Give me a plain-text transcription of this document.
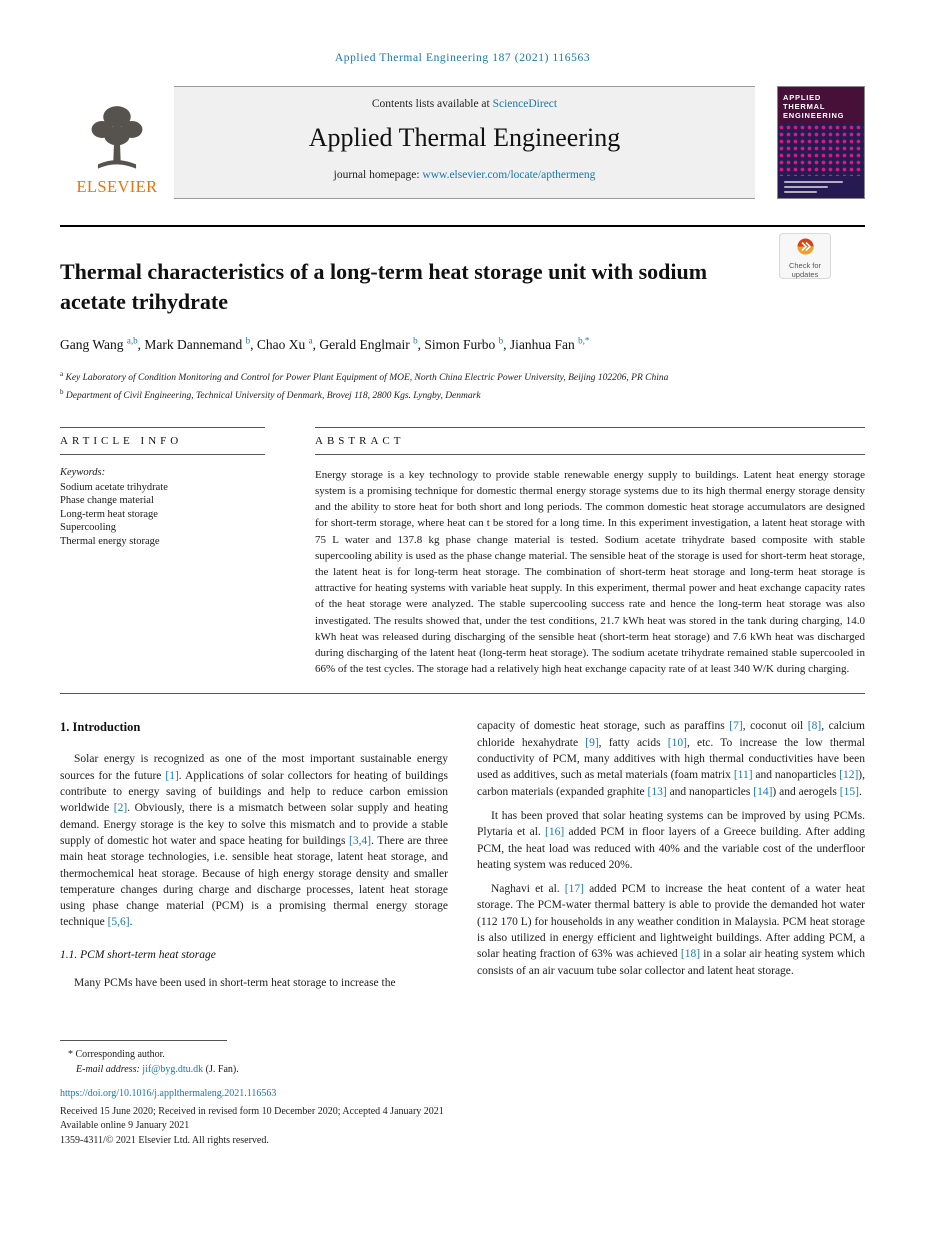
Applied Thermal Engineering 187 (2021) 116563
ELSEVIER
Contents lists available at ScienceDirect
Applied Thermal Engineering
journal homepage: www.elsevier.com/locate/apthermeng
APPLIED THERMAL ENGINEERING
Check for updates
Thermal characteristics of a long-term heat storage unit with sodium acetate trihydrate
Gang Wang $^{a,b}$, Mark Dannemand $^b$, Chao Xu $^a$, Gerald Englmair $^b$, Simon Furbo $^b$, Jianhua Fan $^{b,*}$
$^a$ Key Laboratory of Condition Monitoring and Control for Power Plant Equipment of MOE, North China Electric Power University, Beijing 102206, PR China
$^b$ Department of Civil Engineering, Technical University of Denmark, Brovej 118, 2800 Kgs. Lyngby, Denmark
ARTICLE INFO
Keywords:
Sodium acetate trihydrate
Phase change material
Long-term heat storage
Supercooling
Thermal energy storage
ABSTRACT
Energy storage is a key technology to provide stable renewable energy supply to buildings. Latent heat energy storage system is a promising technique for domestic thermal energy storage systems due to its high thermal energy storage density and the ability to store heat for both short and long periods. The common domestic heat storage accumulators are designed for short-term storage, where heat can t be stored for a long time. In this experiment investigation, a latent heat storage with 75 L water and 137.8 kg phase change material is tested. Sodium acetate trihydrate based composite with stable supercooling ability is used as the phase change material. The sensible heat of the storage is used for short-term heat storage, the latent heat is for long-term heat storage. The combination of short-term heat storage and long-term heat storage is attractive for heating systems with variable heat supply. In this experiment, thermal power and heat exchange capacity rates of the heat storage were analyzed. The stable supercooling success rate and hence the long-term heat storage was also investigated. The results showed that, under the test conditions, 21.7 kWh heat was stored in the tank during charging, 14.0 kWh heat was released during discharging of the sensible heat (short-term heat storage) and 7.6 kWh heat was discharged during discharging of the latent heat (long-term heat storage). The sodium acetate trihydrate remained stable supercooled in 66% of the test cycles. The storage had a relatively high heat exchange capacity rate of at least 340 W/K during charging.
1. Introduction

Solar energy is recognized as one of the most important sustainable energy sources for the future [1]. Applications of solar collectors for heating of buildings contribute to energy saving of buildings and help to reduce carbon emission worldwide [2]. Obviously, there is a mismatch between solar supply and heating demand. Energy storage is the key to solve this mismatch and to provide a stable supply of domestic hot water and space heating for buildings [3,4]. There are three main heat storage technologies, i.e. sensible heat storage, latent heat storage, and thermochemical heat storage. Because of high energy storage density and smaller temperature changes during charge and discharge processes, latent heat storage using phase change material (PCM) is a promising thermal energy storage technique [5,6].

1.1. PCM short-term heat storage

Many PCMs have been used in short-term heat storage to increase the

capacity of domestic heat storage, such as paraffins [7], coconut oil [8], calcium chloride hexahydrate [9], fatty acids [10], etc. To increase the low thermal conductivity of PCM, many additives with high thermal conductivities have been used as additives, such as metal materials (foam matrix [11] and nanoparticles [12]), carbon materials (expanded graphite [13] and nanoparticles [14]) and aerogels [15].

It has been proved that solar heating systems can be improved by using PCMs. Plytaria et al. [16] added PCM in floor layers of a Greece building. After adding PCM, the heat load was reduced with 40% and the variable cost of the underfloor heating system was reduced 20%.

Naghavi et al. [17] added PCM to increase the heat content of a water heat storage. The PCM-water thermal battery is able to provide the demanded hot water (112 170 L) for households in any weather condition in Malaysia. PCM heat storage is also utilized in energy efficient and lightweight buildings. After adding PCM, a solar heating fraction of 63% was achieved [18] in a solar air heating system which consists of an air vacuum tube solar collector and latent heat storage.

* Corresponding author.
E-mail address: jif@byg.dtu.dk (J. Fan).
https://doi.org/10.1016/j.applthermaleng.2021.116563
Received 15 June 2020; Received in revised form 10 December 2020; Accepted 4 January 2021
Available online 9 January 2021
1359-4311/© 2021 Elsevier Ltd. All rights reserved.
